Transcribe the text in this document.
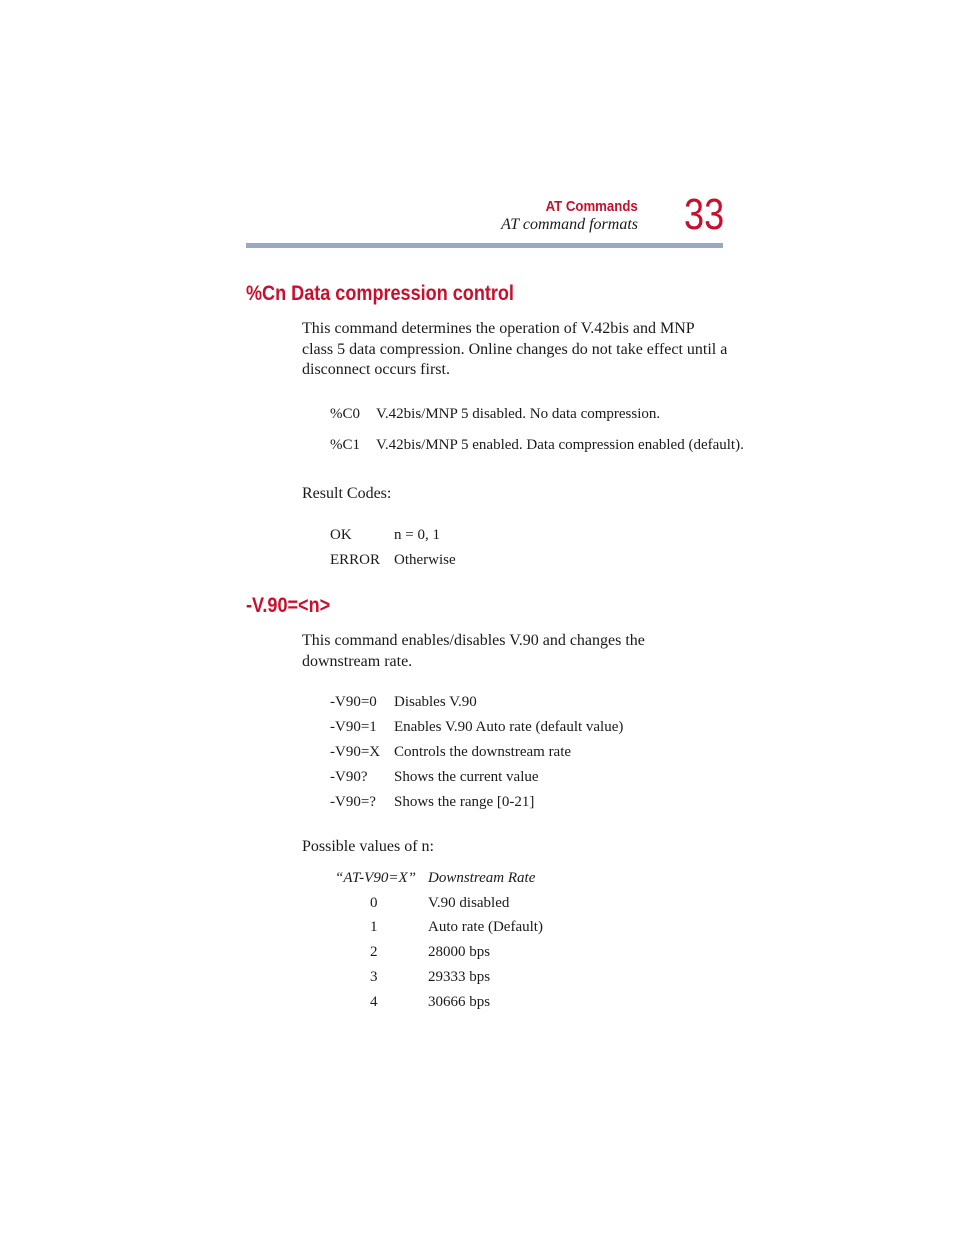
AT Commands
AT command formats 33
%Cn Data compression control
This command determines the operation of V.42bis and MNP
class 5 data compression. Online changes do not take effect until a
disconnect occurs first.
%C0 V.42bis/MNP 5 disabled. No data compression.
%C1 V.42bis/MNP 5 enabled. Data compression enabled (default).
Result Codes:
OK	n = 0, 1
ERROR Otherwise
-V.90=<n>
This command enables/disables V.90 and changes the
downstream rate.
-V90=0 Disables V.90
-V90=1 Enables V.90 Auto rate (default value)
-V90=X Controls the downstream rate
-V90? Shows the current value
-V90=? Shows the range [0-21]
Possible values of n:
“AT-V90=X” Downstream Rate
0	V.90 disabled
1	Auto rate (Default)
2	28000 bps
3	29333 bps
4	30666 bps
